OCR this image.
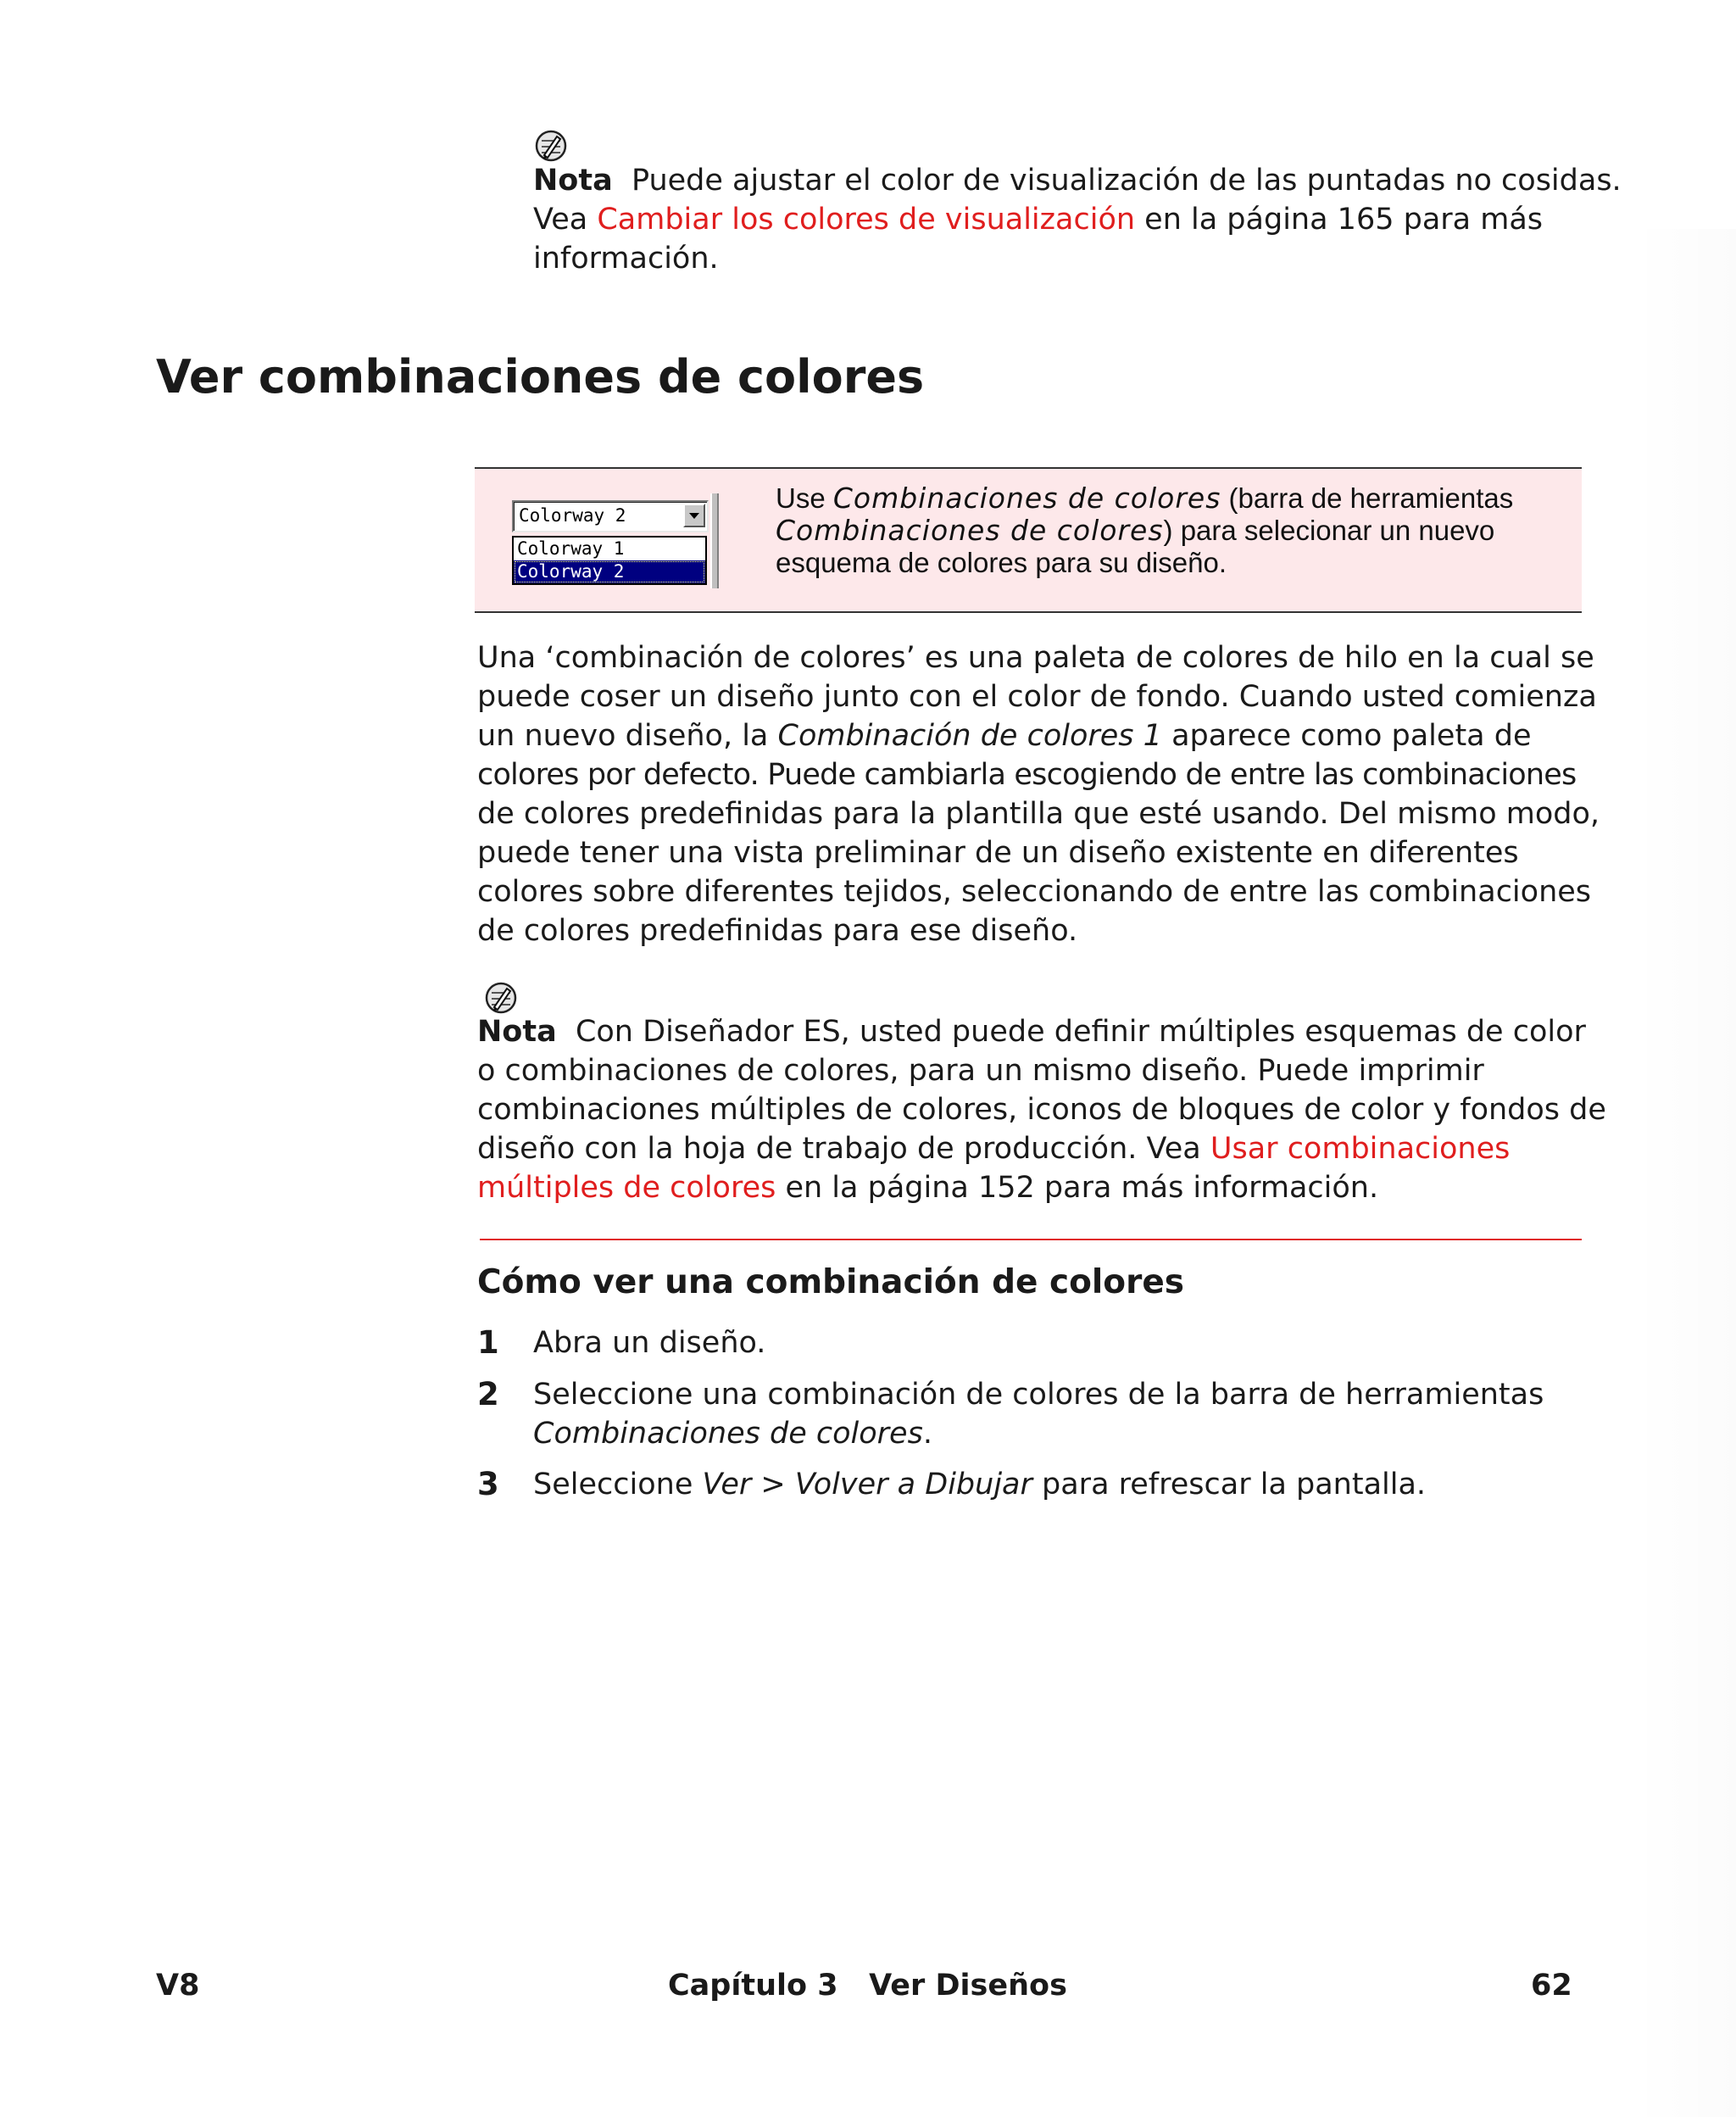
Nota Puede ajustar el color de visualización de las puntadas no cosidas.
Vea Cambiar los colores de visualización en la página 165 para más
información.
Ver combinaciones de colores
Colorway 2
Colorway 1
Colorway 2
Use Combinaciones de colores (barra de herramientas
Combinaciones de colores) para selecionar un nuevo
esquema de colores para su diseño.
Una ‘combinación de colores’ es una paleta de colores de hilo en la cual se
puede coser un diseño junto con el color de fondo. Cuando usted comienza
un nuevo diseño, la Combinación de colores 1 aparece como paleta de
colores por defecto. Puede cambiarla escogiendo de entre las combinaciones
de colores predefinidas para la plantilla que esté usando. Del mismo modo,
puede tener una vista preliminar de un diseño existente en diferentes
colores sobre diferentes tejidos, seleccionando de entre las combinaciones
de colores predefinidas para ese diseño.
Nota Con Diseñador ES, usted puede definir múltiples esquemas de color
o combinaciones de colores, para un mismo diseño. Puede imprimir
combinaciones múltiples de colores, iconos de bloques de color y fondos de
diseño con la hoja de trabajo de producción. Vea Usar combinaciones
múltiples de colores en la página 152 para más información.
Cómo ver una combinación de colores
1 Abra un diseño.
2 Seleccione una combinación de colores de la barra de herramientas
Combinaciones de colores.
3 Seleccione Ver > Volver a Dibujar para refrescar la pantalla.
V8	Capítulo 3   Ver Diseños	62
